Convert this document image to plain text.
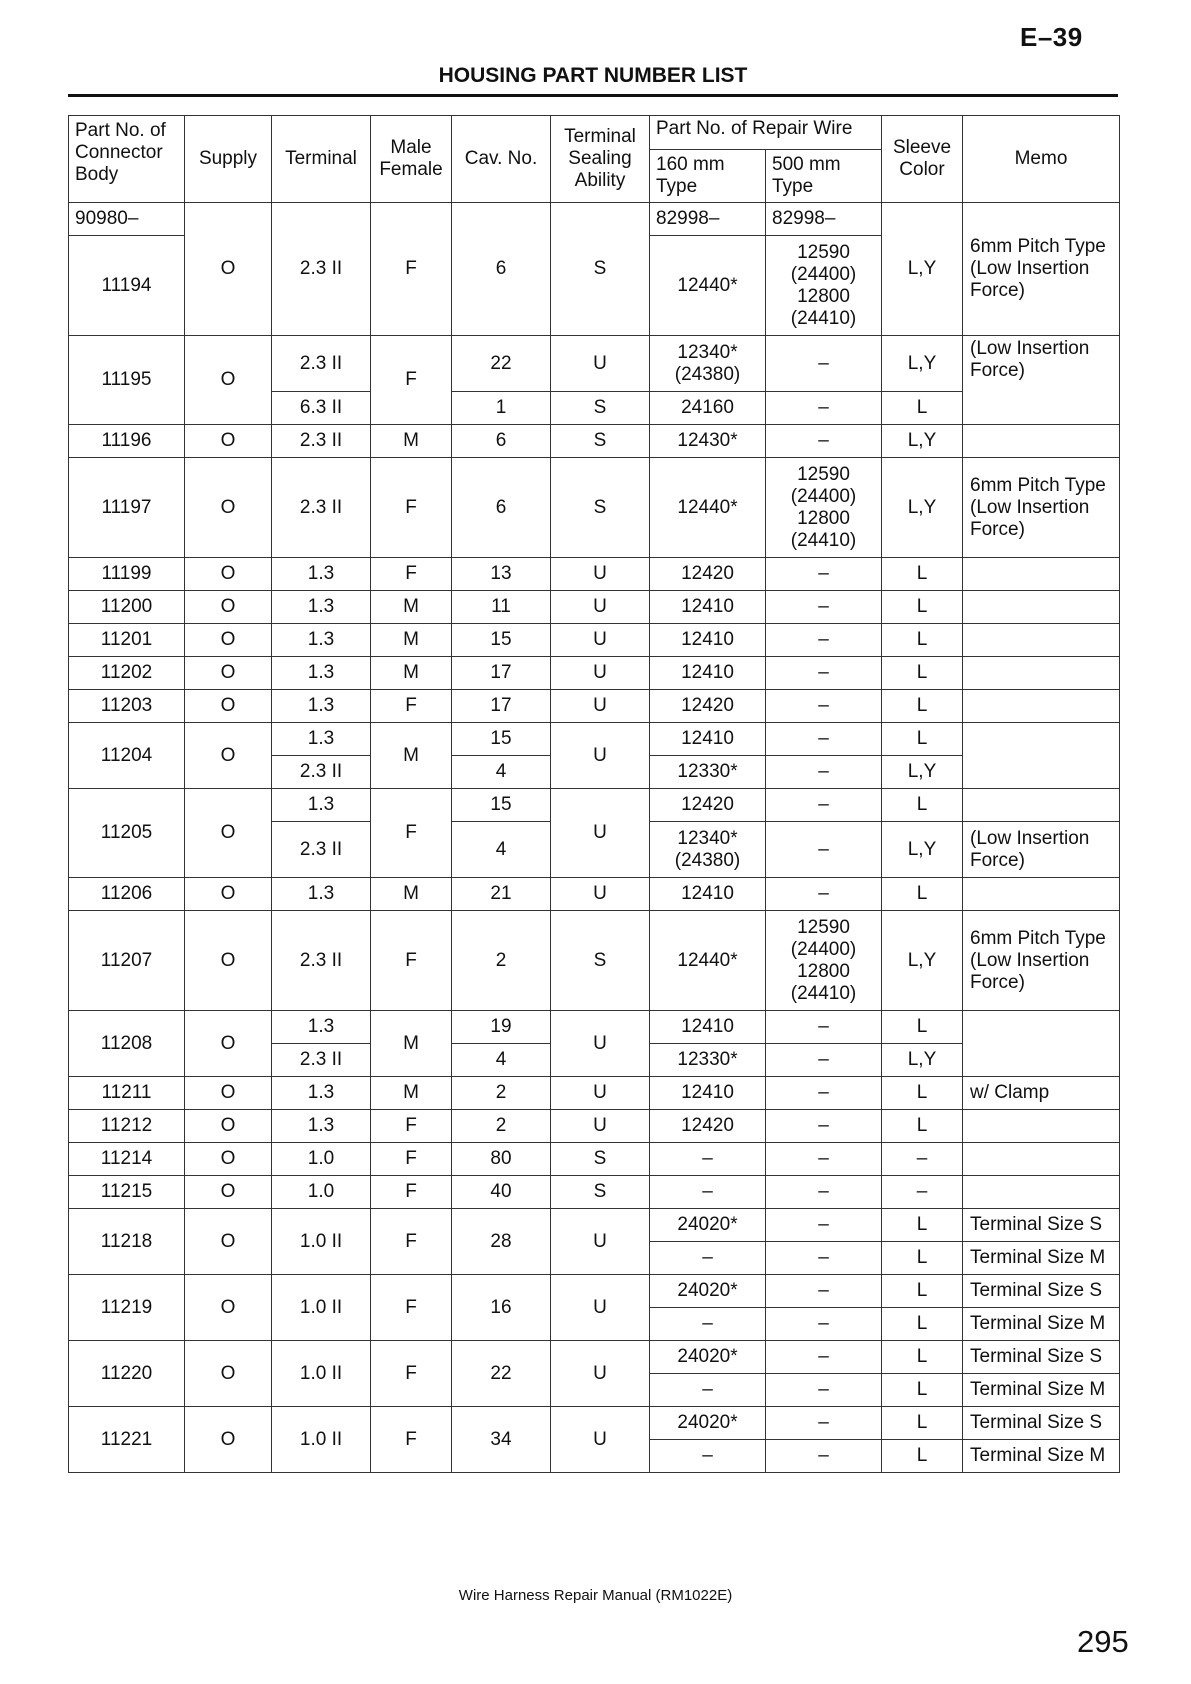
E–39
HOUSING PART NUMBER LIST
Part No. of Connector Body	Supply	Terminal	Male Female	Cav. No.	Terminal Sealing Ability	Part No. of Repair Wire		Sleeve Color	Memo
						160 mm Type	500 mm Type		
90980–	O	2.3 II	F	6	S	82998–	82998–	L,Y	6mm Pitch Type (Low Insertion Force)
11194						12440*	12590 (24400) 12800 (24410)		
11195	O	2.3 II	F	22	U	12340* (24380)	–	L,Y	(Low Insertion Force)
		6.3 II		1	S	24160	–	L	
11196	O	2.3 II	M	6	S	12430*	–	L,Y	
11197	O	2.3 II	F	6	S	12440*	12590 (24400) 12800 (24410)	L,Y	6mm Pitch Type (Low Insertion Force)
11199	O	1.3	F	13	U	12420	–	L	
11200	O	1.3	M	11	U	12410	–	L	
11201	O	1.3	M	15	U	12410	–	L	
11202	O	1.3	M	17	U	12410	–	L	
11203	O	1.3	F	17	U	12420	–	L	
11204	O	1.3	M	15	U	12410	–	L	
		2.3 II		4		12330*	–	L,Y	
11205	O	1.3	F	15	U	12420	–	L	
		2.3 II		4		12340* (24380)	–	L,Y	(Low Insertion Force)
11206	O	1.3	M	21	U	12410	–	L	
11207	O	2.3 II	F	2	S	12440*	12590 (24400) 12800 (24410)	L,Y	6mm Pitch Type (Low Insertion Force)
11208	O	1.3	M	19	U	12410	–	L	
		2.3 II		4		12330*	–	L,Y	
11211	O	1.3	M	2	U	12410	–	L	w/ Clamp
11212	O	1.3	F	2	U	12420	–	L	
11214	O	1.0	F	80	S	–	–	–	
11215	O	1.0	F	40	S	–	–	–	
11218	O	1.0 II	F	28	U	24020*	–	L	Terminal Size S
						–	–	L	Terminal Size M
11219	O	1.0 II	F	16	U	24020*	–	L	Terminal Size S
						–	–	L	Terminal Size M
11220	O	1.0 II	F	22	U	24020*	–	L	Terminal Size S
						–	–	L	Terminal Size M
11221	O	1.0 II	F	34	U	24020*	–	L	Terminal Size S
						–	–	L	Terminal Size M
Wire Harness Repair Manual (RM1022E)
295
